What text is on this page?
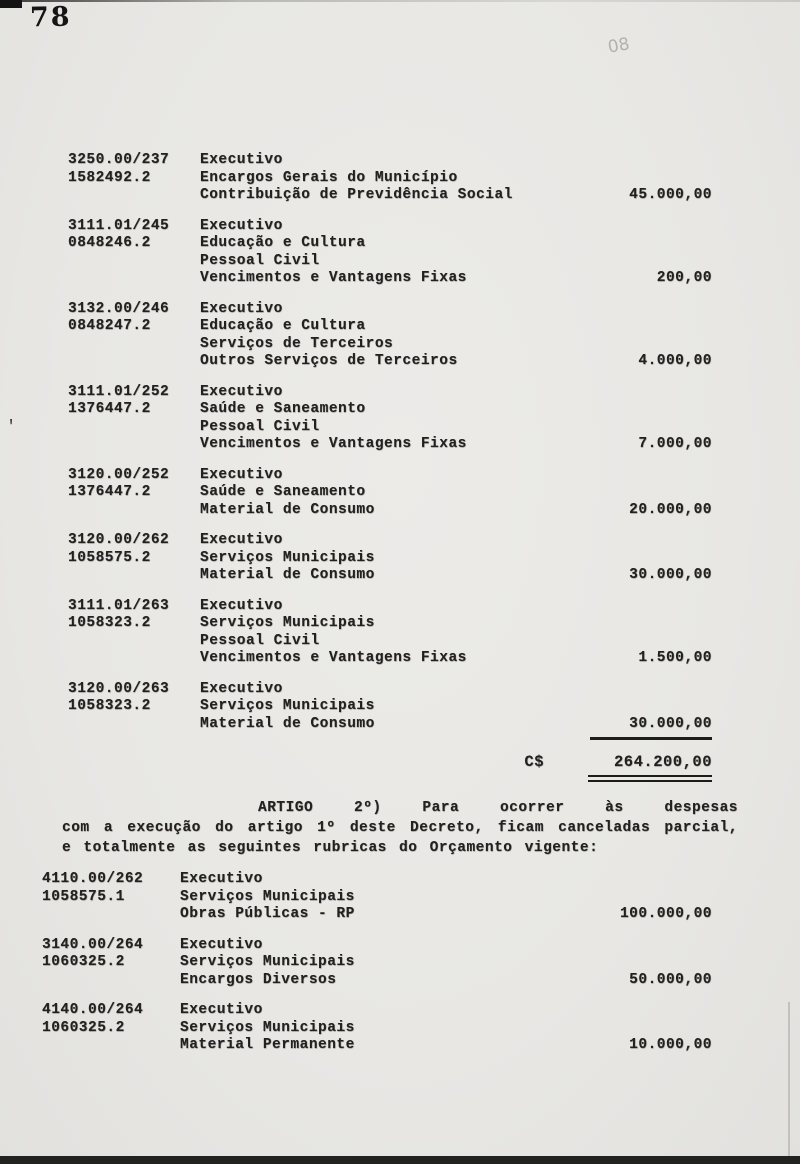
78
08
'
3250.00/237	Executivo
1582492.2	Encargos Gerais do Município
Contribuição de Previdência Social	45.000,00
3111.01/245	Executivo
0848246.2	Educação e Cultura
Pessoal Civil
Vencimentos e Vantagens Fixas	200,00
3132.00/246	Executivo
0848247.2	Educação e Cultura
Serviços de Terceiros
Outros Serviços de Terceiros	4.000,00
3111.01/252	Executivo
1376447.2	Saúde e Saneamento
Pessoal Civil
Vencimentos e Vantagens Fixas	7.000,00
3120.00/252	Executivo
1376447.2	Saúde e Saneamento
Material de Consumo	20.000,00
3120.00/262	Executivo
1058575.2	Serviços Municipais
Material de Consumo	30.000,00
3111.01/263	Executivo
1058323.2	Serviços Municipais
Pessoal Civil
Vencimentos e Vantagens Fixas	1.500,00
3120.00/263	Executivo
1058323.2	Serviços Municipais
Material de Consumo	30.000,00
C$	264.200,00
ARTIGO 2º) Para ocorrer às despesas
com a execução do artigo 1º deste Decreto, ficam canceladas parcial,
e totalmente as seguintes rubricas do Orçamento vigente:
4110.00/262	Executivo
1058575.1	Serviços Municipais
Obras Públicas - RP	100.000,00
3140.00/264	Executivo
1060325.2	Serviços Municipais
Encargos Diversos	50.000,00
4140.00/264	Executivo
1060325.2	Serviços Municipais
Material Permanente	10.000,00
